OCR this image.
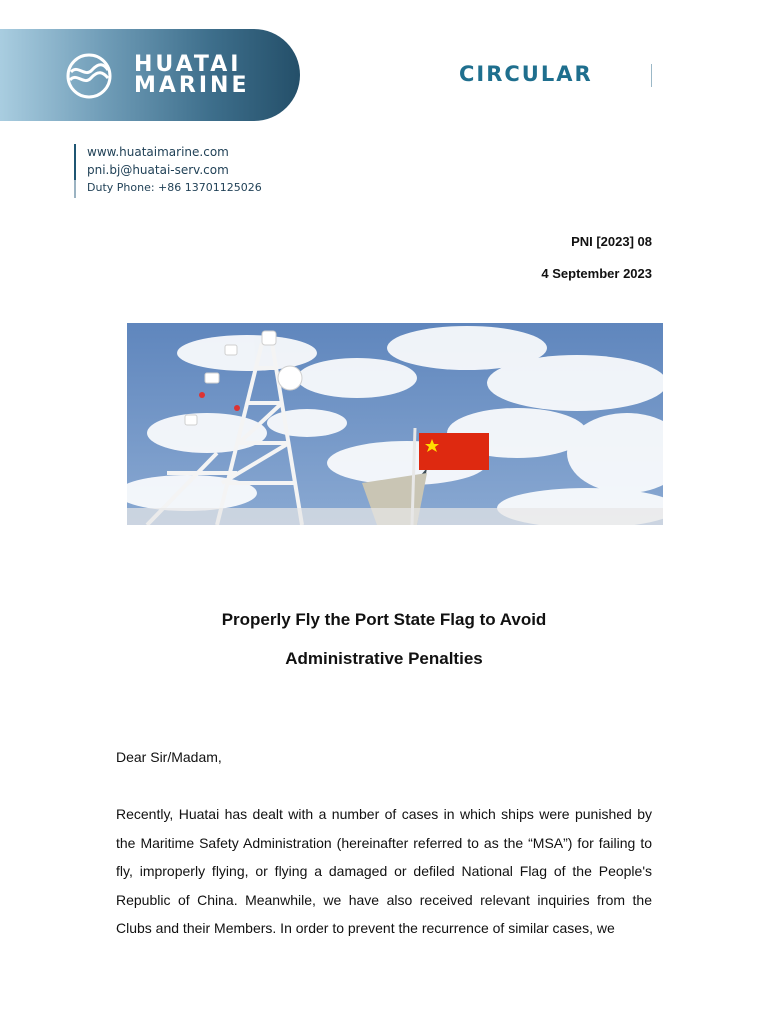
HUATAI
MARINE	CIRCULAR
www.huataimarine.com
pni.bj@huatai-serv.com
Duty Phone: +86 13701125026
PNI [2023] 08
4 September 2023
Properly Fly the Port State Flag to Avoid
Administrative Penalties
Dear Sir/Madam,

Recently, Huatai has dealt with a number of cases in which ships were punished by the Maritime Safety Administration (hereinafter referred to as the “MSA”) for failing to fly, improperly flying, or flying a damaged or defiled National Flag of the People's Republic of China. Meanwhile, we have also received relevant inquiries from the Clubs and their Members. In order to prevent the recurrence of similar cases, we
